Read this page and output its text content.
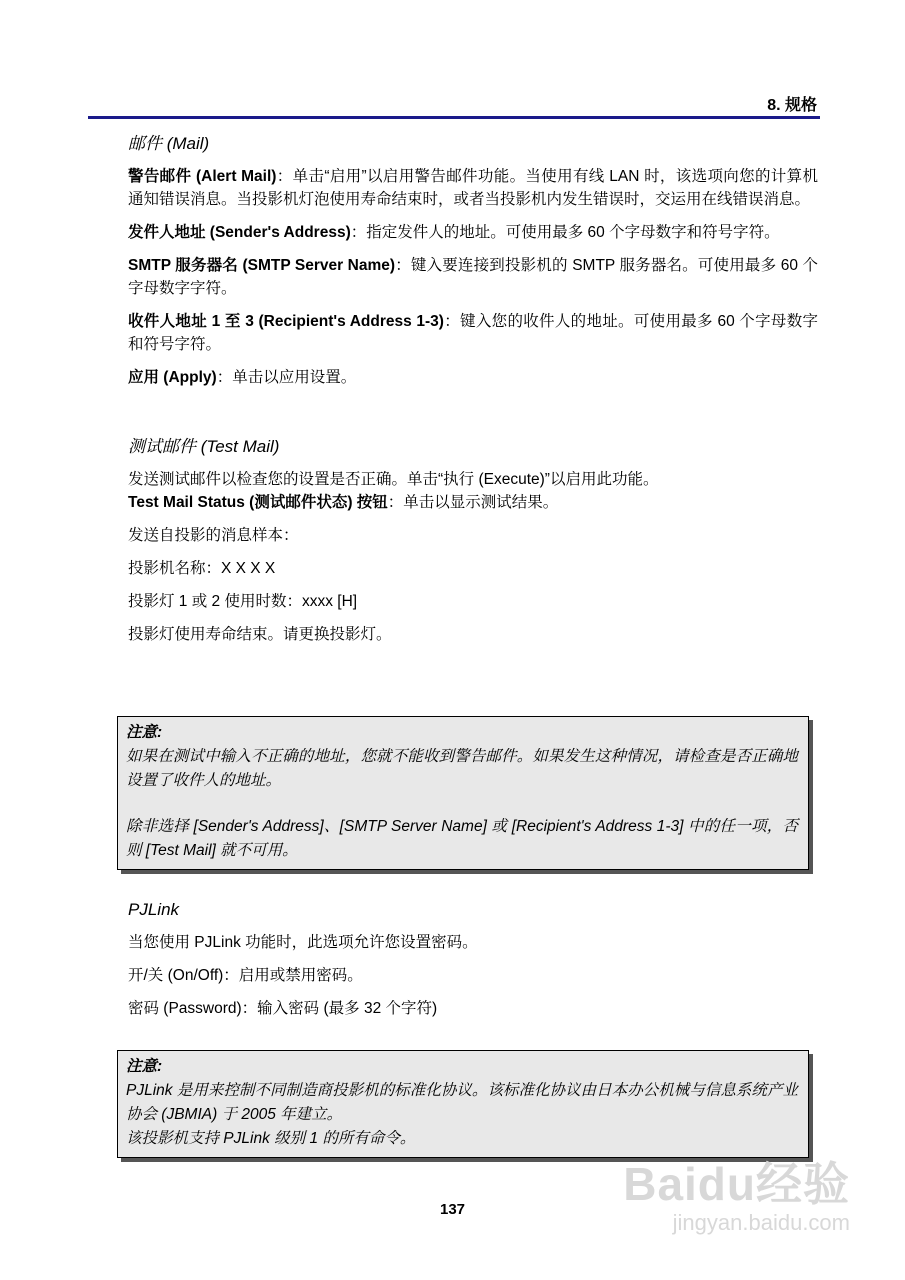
8. 规格
邮件 (Mail)

警告邮件 (Alert Mail)：单击“启用”以启用警告邮件功能。当使用有线 LAN 时，该选项向您的计算机通知错误消息。当投影机灯泡使用寿命结束时，或者当投影机内发生错误时，交运用在线错误消息。

发件人地址 (Sender's Address)：指定发件人的地址。可使用最多 60 个字母数字和符号字符。

SMTP 服务器名 (SMTP Server Name)：键入要连接到投影机的 SMTP 服务器名。可使用最多 60 个字母数字字符。

收件人地址 1 至 3 (Recipient's Address 1-3)：键入您的收件人的地址。可使用最多 60 个字母数字和符号字符。

应用 (Apply)：单击以应用设置。

测试邮件 (Test Mail)

发送测试邮件以检查您的设置是否正确。单击“执行 (Execute)”以启用此功能。

Test Mail Status (测试邮件状态) 按钮：单击以显示测试结果。

发送自投影的消息样本：

投影机名称：X X X X

投影灯 1 或 2 使用时数：xxxx [H]

投影灯使用寿命结束。请更换投影灯。

注意:

如果在测试中输入不正确的地址，您就不能收到警告邮件。如果发生这种情况，请检查是否正确地设置了收件人的地址。

除非选择 [Sender's Address]、[SMTP Server Name] 或 [Recipient's Address 1-3] 中的任一项，否则 [Test Mail] 就不可用。

PJLink

当您使用 PJLink 功能时，此选项允许您设置密码。

开/关 (On/Off)：启用或禁用密码。

密码 (Password)：输入密码 (最多 32 个字符)

注意:

PJLink 是用来控制不同制造商投影机的标准化协议。该标准化协议由日本办公机械与信息系统产业协会 (JBMIA) 于 2005 年建立。

该投影机支持 PJLink 级别 1 的所有命令。

137	Baidu经验
jingyan.baidu.com
